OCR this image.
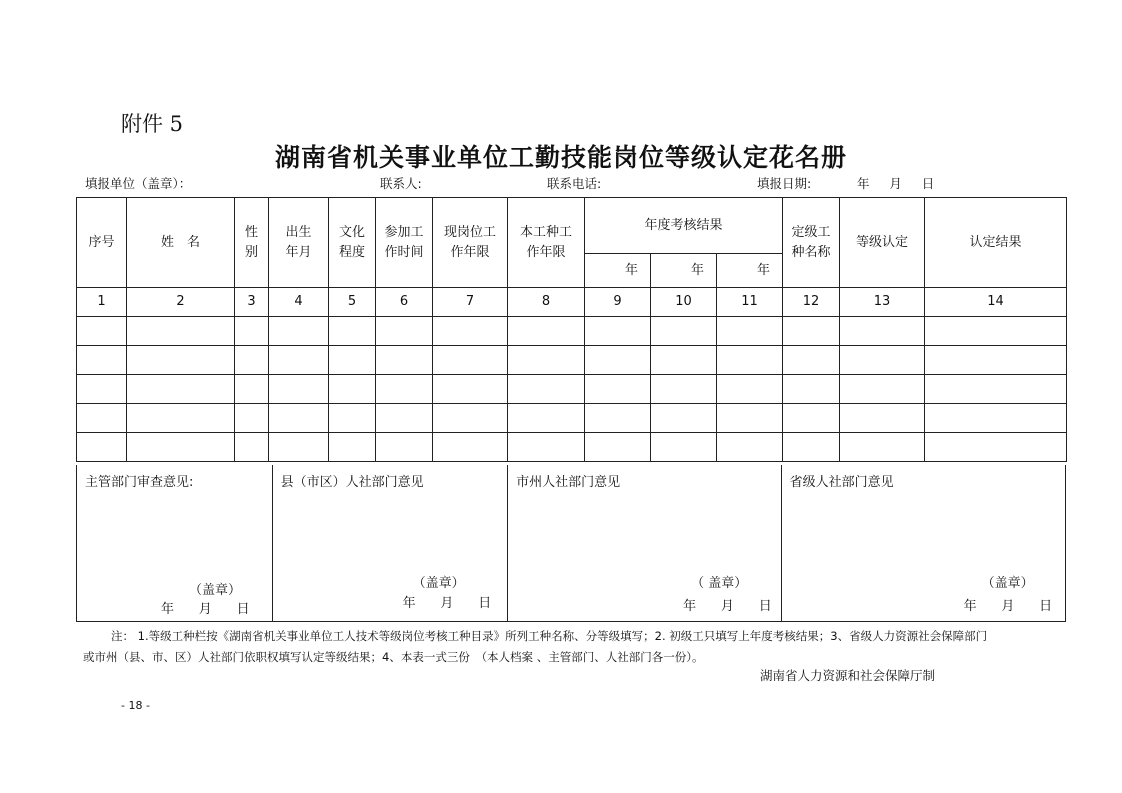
附件 5
湖南省机关事业单位工勤技能岗位等级认定花名册
填报单位（盖章）：	联系人:	联系电话:	填报日期:	年     月     日
序号	姓　名	性别	出生年月	文化程度	参加工作时间	现岗位工作年限	本工种工作年限	年度考核结果			定级工种名称	等级认定	认定结果
								年	年	年			
1	2	3	4	5	6	7	8	9	10	11	12	13	14

主管部门审查意见:
（盖章）
年      月      日
县（市区）人社部门意见
（盖章）
年      月      日
市州人社部门意见
（ 盖章）
年      月      日
省级人社部门意见
（盖章）
年      月      日
注： 1.等级工种栏按《湖南省机关事业单位工人技术等级岗位考核工种目录》所列工种名称、分等级填写；2. 初级工只填写上年度考核结果；3、省级人力资源社会保障部门
或市州（县、市、区）人社部门依职权填写认定等级结果；4、本表一式三份　（本人档案 、主管部门、人社部门各一份）。
湖南省人力资源和社会保障厅制
- 18 -
